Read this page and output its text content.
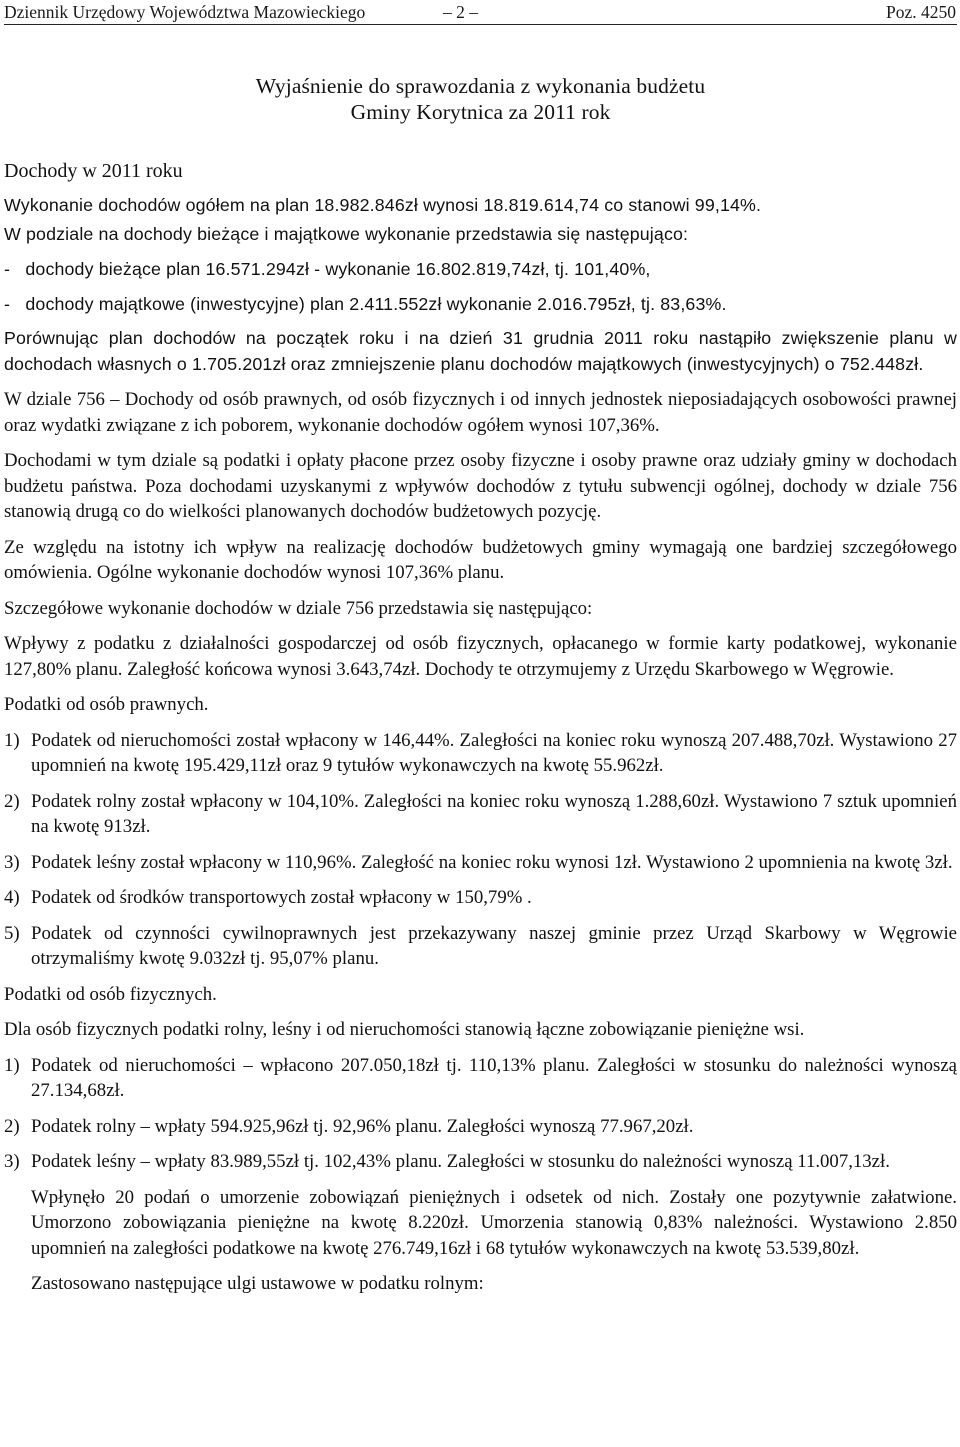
Dziennik Urzędowy Województwa Mazowieckiego	– 2 –	Poz. 4250
Wyjaśnienie do sprawozdania z wykonania budżetu
Gminy Korytnica za 2011 rok
Dochody w 2011 roku
Wykonanie dochodów ogółem na plan 18.982.846zł wynosi 18.819.614,74 co stanowi 99,14%.
W podziale na dochody bieżące i majątkowe wykonanie przedstawia się następująco:
- dochody bieżące plan 16.571.294zł - wykonanie 16.802.819,74zł, tj. 101,40%,
- dochody majątkowe (inwestycyjne) plan 2.411.552zł wykonanie 2.016.795zł, tj. 83,63%.

Porównując plan dochodów na początek roku i na dzień 31 grudnia 2011 roku nastąpiło zwiększenie planu w dochodach własnych o 1.705.201zł oraz zmniejszenie planu dochodów majątkowych (inwestycyjnych) o 752.448zł.

W dziale 756 – Dochody od osób prawnych, od osób fizycznych i od innych jednostek nieposiadających osobowości prawnej oraz wydatki związane z ich poborem, wykonanie dochodów ogółem wynosi 107,36%.

Dochodami w tym dziale są podatki i opłaty płacone przez osoby fizyczne i osoby prawne oraz udziały gminy w dochodach budżetu państwa. Poza dochodami uzyskanymi z wpływów dochodów z tytułu subwencji ogólnej, dochody w dziale 756 stanowią drugą co do wielkości planowanych dochodów budżetowych pozycję.

Ze względu na istotny ich wpływ na realizację dochodów budżetowych gminy wymagają one bardziej szczegółowego omówienia. Ogólne wykonanie dochodów wynosi 107,36% planu.

Szczegółowe wykonanie dochodów w dziale 756 przedstawia się następująco:

Wpływy z podatku z działalności gospodarczej od osób fizycznych, opłacanego w formie karty podatkowej, wykonanie 127,80% planu. Zaległość końcowa wynosi 3.643,74zł. Dochody te otrzymujemy z Urzędu Skarbowego w Węgrowie.

Podatki od osób prawnych.

1) Podatek od nieruchomości został wpłacony w 146,44%. Zaległości na koniec roku wynoszą 207.488,70zł. Wystawiono 27 upomnień na kwotę 195.429,11zł oraz 9 tytułów wykonawczych na kwotę 55.962zł.
2) Podatek rolny został wpłacony w 104,10%. Zaległości na koniec roku wynoszą 1.288,60zł. Wystawiono 7 sztuk upomnień na kwotę 913zł.
3) Podatek leśny został wpłacony w 110,96%. Zaległość na koniec roku wynosi 1zł. Wystawiono 2 upomnienia na kwotę 3zł.
4) Podatek od środków transportowych został wpłacony w 150,79% .
5) Podatek od czynności cywilnoprawnych jest przekazywany naszej gminie przez Urząd Skarbowy w Węgrowie otrzymaliśmy kwotę 9.032zł tj. 95,07% planu.

Podatki od osób fizycznych.

Dla osób fizycznych podatki rolny, leśny i od nieruchomości stanowią łączne zobowiązanie pieniężne wsi.

1) Podatek od nieruchomości – wpłacono 207.050,18zł tj. 110,13% planu. Zaległości w stosunku do należności wynoszą 27.134,68zł.
2) Podatek rolny – wpłaty 594.925,96zł tj. 92,96% planu. Zaległości wynoszą 77.967,20zł.
3) Podatek leśny – wpłaty 83.989,55zł tj. 102,43% planu. Zaległości w stosunku do należności wynoszą 11.007,13zł.

Wpłynęło 20 podań o umorzenie zobowiązań pieniężnych i odsetek od nich. Zostały one pozytywnie załatwione. Umorzono zobowiązania pieniężne na kwotę 8.220zł. Umorzenia stanowią 0,83% należności. Wystawiono 2.850 upomnień na zaległości podatkowe na kwotę 276.749,16zł i 68 tytułów wykonawczych na kwotę 53.539,80zł.

Zastosowano następujące ulgi ustawowe w podatku rolnym:
